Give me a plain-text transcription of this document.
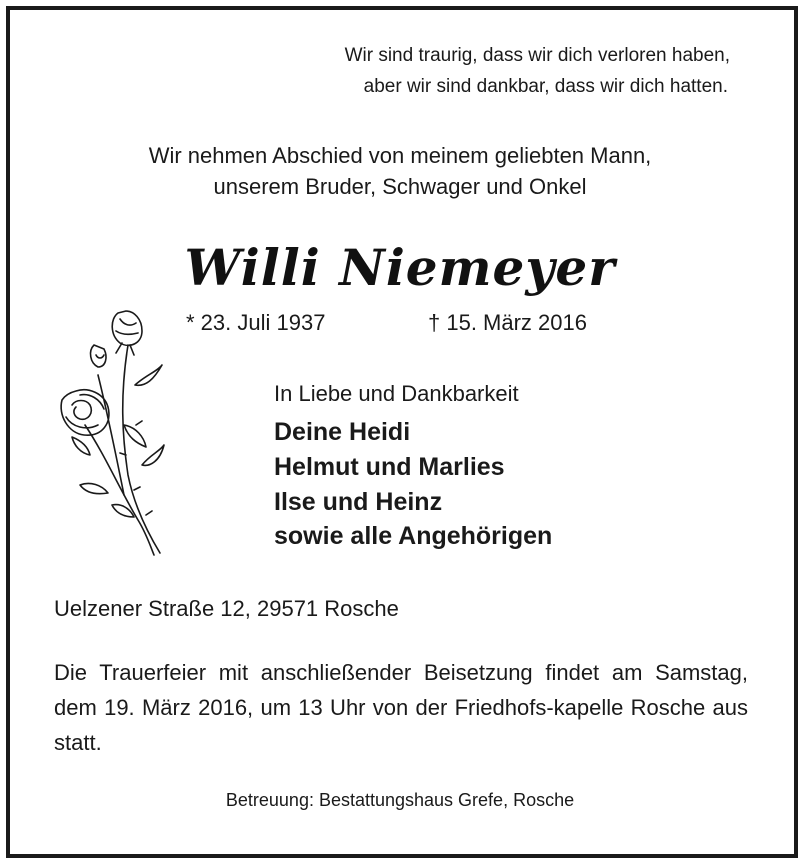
Wir sind traurig, dass wir dich verloren haben,
aber wir sind dankbar, dass wir dich hatten.
Wir nehmen Abschied von meinem geliebten Mann,
unserem Bruder, Schwager und Onkel
Willi Niemeyer
* 23. Juli 1937	† 15. März 2016
In Liebe und Dankbarkeit
Deine Heidi
Helmut und Marlies
Ilse und Heinz
sowie alle Angehörigen
Uelzener Straße 12, 29571 Rosche
Die Trauerfeier mit anschließender Beisetzung findet am Samstag, dem 19. März 2016, um 13 Uhr von der Friedhofs-kapelle Rosche aus statt.
Betreuung: Bestattungshaus Grefe, Rosche
